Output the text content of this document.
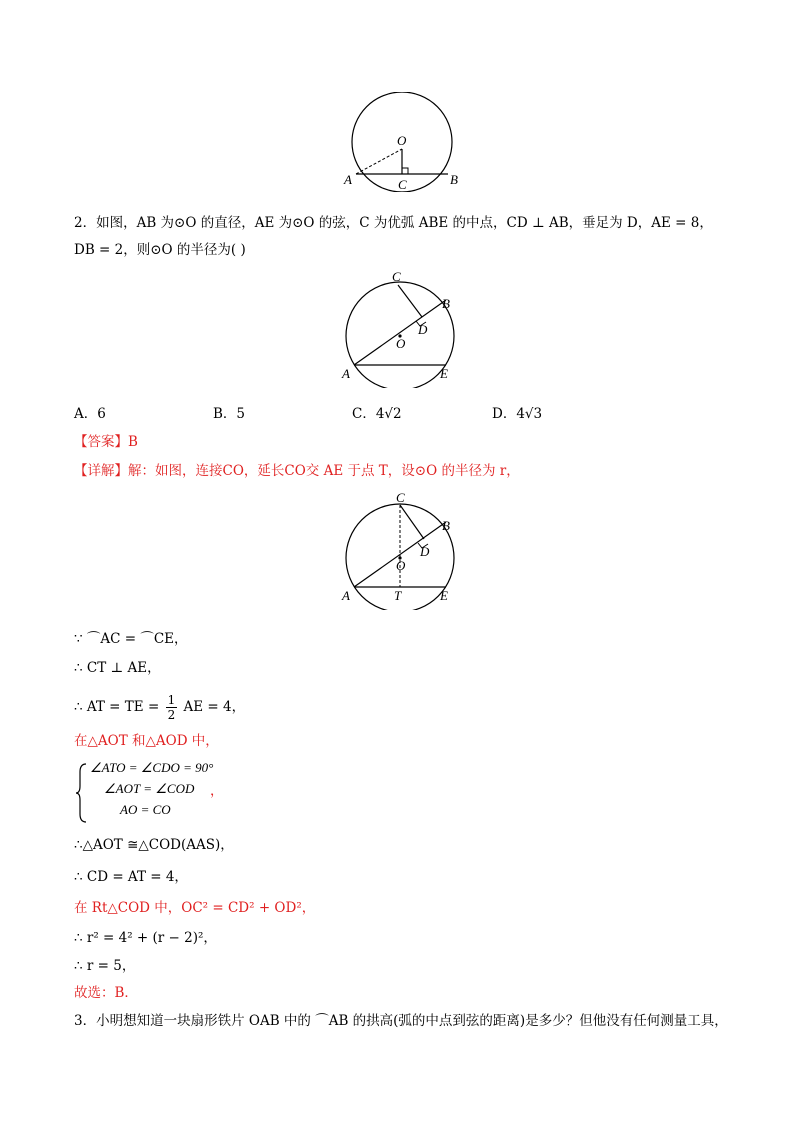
O
A	B
C
2．如图，AB 为⊙O 的直径，AE 为⊙O 的弦，C 为优弧 ABE 的中点，CD ⊥ AB，垂足为 D，AE = 8，
DB = 2，则⊙O 的半径为( )
C
B
D
O
A	E
A．6	B．5	C．4√2	D．4√3
【答案】B
【详解】解：如图，连接CO，延长CO交 AE 于点 T，设⊙O 的半径为 r，
C
B
D
O
A	T	E
∵ ⌒AC = ⌒CE，
∴ CT ⊥ AE，
∴ AT = TE = $\frac{1}{2}$ AE = 4，
在△AOT 和△AOD 中，
∠ATO = ∠CDO = 90°
∠AOT = ∠COD
AO = CO
，
∴△AOT ≅△COD(AAS)，
∴ CD = AT = 4，
在 Rt△COD 中，OC² = CD² + OD²，
∴ r² = 4² + (r − 2)²，
∴ r = 5，
故选：B．
3．小明想知道一块扇形铁片 OAB 中的 ⌒AB 的拱高(弧的中点到弦的距离)是多少？但他没有任何测量工具，
